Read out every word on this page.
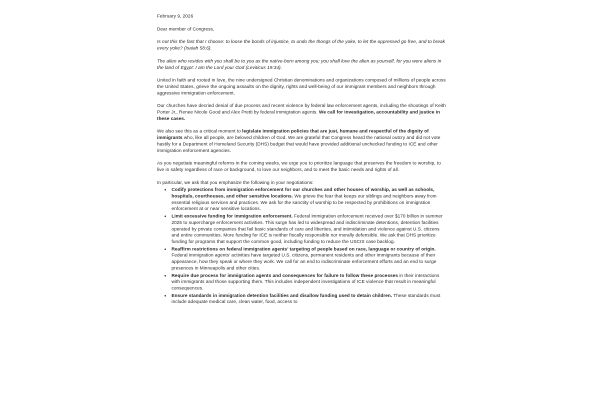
February 9, 2026
Dear member of Congress,
Is not this the fast that I choose: to loose the bonds of injustice, to undo the thongs of the yoke, to let the oppressed go free, and to break every yoke? (Isaiah 58:6).
The alien who resides with you shall be to you as the native-born among you; you shall love the alien as yourself, for you were aliens in the land of Egypt: I am the Lord your God (Leviticus 19:34).
United in faith and rooted in love, the nine undersigned Christian denominations and organizations composed of millions of people across the United States, grieve the ongoing assaults on the dignity, rights and well-being of our immigrant members and neighbors through aggressive immigration enforcement.
Our churches have decried denial of due process and recent violence by federal law enforcement agents, including the shootings of Keith Porter Jr., Renee Nicole Good and Alex Pretti by federal immigration agents. We call for investigation, accountability and justice in these cases.
We also see this as a critical moment to legislate immigration policies that are just, humane and respectful of the dignity of immigrants who, like all people, are beloved children of God. We are grateful that Congress heard the national outcry and did not vote hastily for a Department of Homeland Security (DHS) budget that would have provided additional unchecked funding to ICE and other immigration enforcement agencies.
As you negotiate meaningful reforms in the coming weeks, we urge you to prioritize language that preserves the freedom to worship, to live in safety regardless of race or background, to love our neighbors, and to meet the basic needs and rights of all.
In particular, we ask that you emphasize the following in your negotiations:
• Codify protections from immigration enforcement for our churches and other houses of worship, as well as schools, hospitals, courthouses, and other sensitive locations. We grieve the fear that keeps our siblings and neighbors away from essential religious services and practices. We ask for the sanctity of worship to be respected by prohibitions on immigration enforcement at or near sensitive locations.
• Limit excessive funding for immigration enforcement. Federal immigration enforcement received over $170 billion in summer 2025 to supercharge enforcement activities. This surge has led to widespread and indiscriminate detentions, detention facilities operated by private companies that fail basic standards of care and liberties, and intimidation and violence against U.S. citizens and entire communities. More funding for ICE is neither fiscally responsible nor morally defensible. We ask that DHS prioritize funding for programs that support the common good, including funding to reduce the USCIS case backlog.
• Reaffirm restrictions on federal immigration agents' targeting of people based on race, language or country of origin. Federal immigration agents' activities have targeted U.S. citizens, permanent residents and other immigrants because of their appearance, how they speak or where they work. We call for an end to indiscriminate enforcement efforts and an end to surge presences in Minneapolis and other cities.
• Require due process for immigration agents and consequences for failure to follow these processes in their interactions with immigrants and those supporting them. This includes independent investigations of ICE violence that result in meaningful consequences.
• Ensure standards in immigration detention facilities and disallow funding used to detain children. These standards must include adequate medical care, clean water, food, access to
